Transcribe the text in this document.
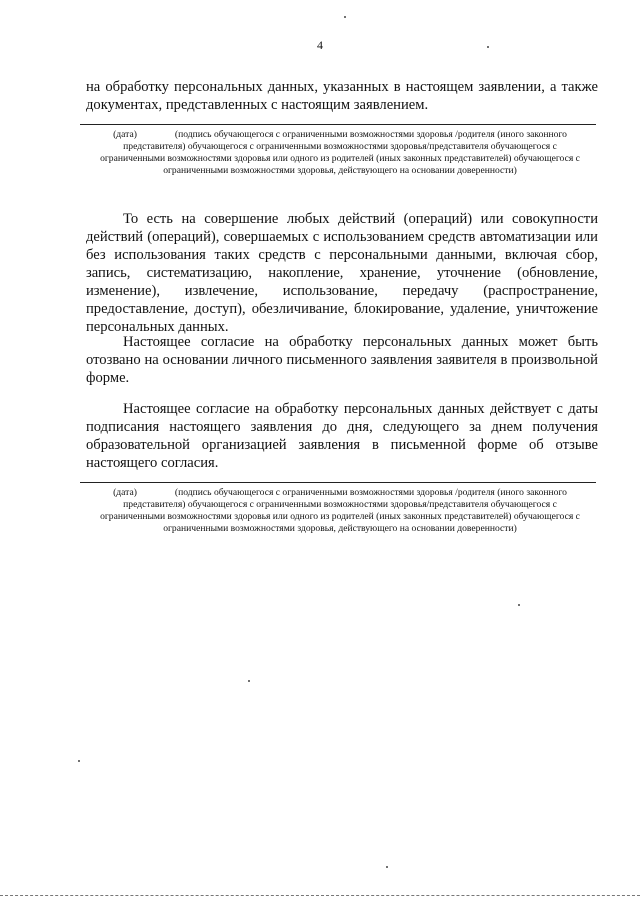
4

на обработку персональных данных, указанных в настоящем заявлении, а также документах, представленных с настоящим заявлением.

(дата)	(подпись обучающегося с ограниченными возможностями здоровья /родителя (иного законного представителя) обучающегося с ограниченными возможностями здоровья/представителя обучающегося с ограниченными возможностями здоровья или одного из родителей (иных законных представителей) обучающегося с ограниченными возможностями здоровья, действующего на основании доверенности)

То есть на совершение любых действий (операций) или совокупности действий (операций), совершаемых с использованием средств автоматизации или без использования таких средств с персональными данными, включая сбор, запись, систематизацию, накопление, хранение, уточнение (обновление, изменение), извлечение, использование, передачу (распространение, предоставление, доступ), обезличивание, блокирование, удаление, уничтожение персональных данных.

Настоящее согласие на обработку персональных данных может быть отозвано на основании личного письменного заявления заявителя в произвольной форме.

Настоящее согласие на обработку персональных данных действует с даты подписания настоящего заявления до дня, следующего за днем получения образовательной организацией заявления в письменной форме об отзыве настоящего согласия.

(дата)	(подпись обучающегося с ограниченными возможностями здоровья /родителя (иного законного представителя) обучающегося с ограниченными возможностями здоровья/представителя обучающегося с ограниченными возможностями здоровья или одного из родителей (иных законных представителей) обучающегося с ограниченными возможностями здоровья, действующего на основании доверенности)
